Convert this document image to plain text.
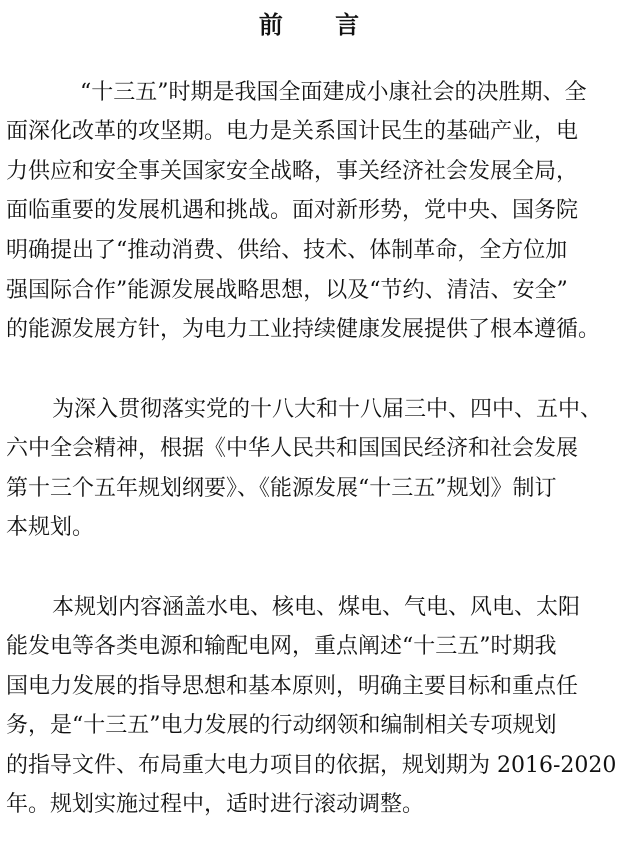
前 言
“十三五”时期是我国全面建成小康社会的决胜期、全
面深化改革的攻坚期。电力是关系国计民生的基础产业，电
力供应和安全事关国家安全战略，事关经济社会发展全局，
面临重要的发展机遇和挑战。面对新形势，党中央、国务院
明确提出了“推动消费、供给、技术、体制革命，全方位加
强国际合作”能源发展战略思想，以及“节约、清洁、安全”
的能源发展方针，为电力工业持续健康发展提供了根本遵循。
为深入贯彻落实党的十八大和十八届三中、四中、五中、
六中全会精神，根据《中华人民共和国国民经济和社会发展
第十三个五年规划纲要》、《能源发展“十三五”规划》制订
本规划。
本规划内容涵盖水电、核电、煤电、气电、风电、太阳
能发电等各类电源和输配电网，重点阐述“十三五”时期我
国电力发展的指导思想和基本原则，明确主要目标和重点任
务，是“十三五”电力发展的行动纲领和编制相关专项规划
的指导文件、布局重大电力项目的依据，规划期为 2016-2020
年。规划实施过程中，适时进行滚动调整。
